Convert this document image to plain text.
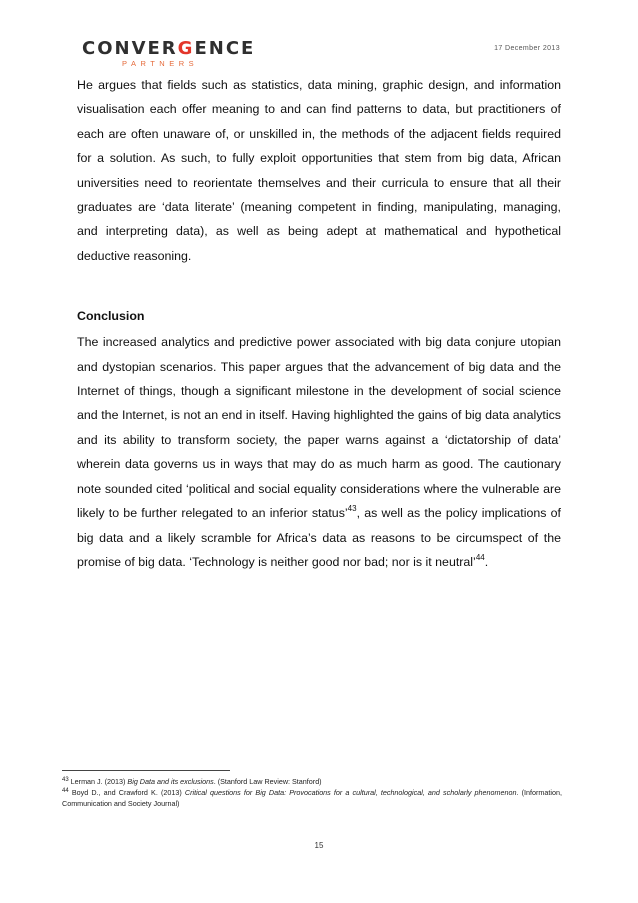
CONVERGENCE
PARTNERS
17 December 2013

He argues that fields such as statistics, data mining, graphic design, and information visualisation each offer meaning to and can find patterns to data, but practitioners of each are often unaware of, or unskilled in, the methods of the adjacent fields required for a solution. As such, to fully exploit opportunities that stem from big data, African universities need to reorientate themselves and their curricula to ensure that all their graduates are ‘data literate’ (meaning competent in finding, manipulating, managing, and interpreting data), as well as being adept at mathematical and hypothetical deductive reasoning.

Conclusion

The increased analytics and predictive power associated with big data conjure utopian and dystopian scenarios. This paper argues that the advancement of big data and the Internet of things, though a significant milestone in the development of social science and the Internet, is not an end in itself. Having highlighted the gains of big data analytics and its ability to transform society, the paper warns against a ‘dictatorship of data’ wherein data governs us in ways that may do as much harm as good. The cautionary note sounded cited ‘political and social equality considerations where the vulnerable are likely to be further relegated to an inferior status’$^{43}$, as well as the policy implications of big data and a likely scramble for Africa’s data as reasons to be circumspect of the promise of big data. ‘Technology is neither good nor bad; nor is it neutral’$^{44}$.

$^{43}$ Lerman J. (2013) Big Data and its exclusions. (Stanford Law Review: Stanford)
$^{44}$ Boyd D., and Crawford K. (2013) Critical questions for Big Data: Provocations for a cultural, technological, and scholarly phenomenon. (Information, Communication and Society Journal)
15
